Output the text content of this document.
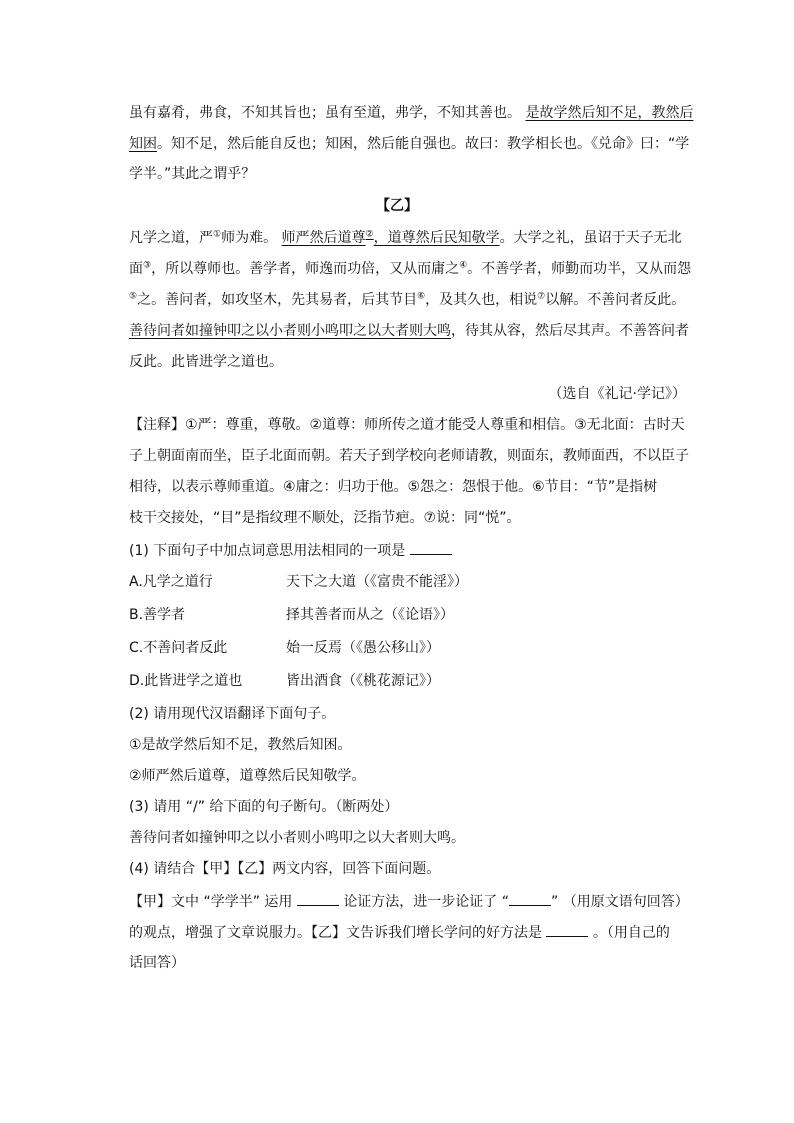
虽有嘉肴，弗食，不知其旨也；虽有至道，弗学，不知其善也。 是故学然后知不足，教然后
知困。知不足，然后能自反也；知困，然后能自强也。故曰：教学相长也。《兑命》曰：“学
学半。”其此之谓乎？
【乙】
凡学之道，严①师为难。 师严然后道尊②，道尊然后民知敬学。大学之礼，虽诏于天子无北
面③，所以尊师也。善学者，师逸而功倍，又从而庸之④。不善学者，师勤而功半，又从而怨
⑤之。善问者，如攻坚木，先其易者，后其节目⑥，及其久也，相说⑦以解。不善问者反此。
善待问者如撞钟叩之以小者则小鸣叩之以大者则大鸣，待其从容，然后尽其声。不善答问者
反此。此皆进学之道也。
（选自《礼记·学记》）
【注释】①严：尊重，尊敬。②道尊：师所传之道才能受人尊重和相信。③无北面：古时天
子上朝面南而坐，臣子北面而朝。若天子到学校向老师请教，则面东，教师面西，不以臣子
相待，以表示尊师重道。④庸之：归功于他。⑤怨之：怨恨于他。⑥节目：“节”是指树
枝干交接处，“目”是指纹理不顺处，泛指节疤。⑦说：同“悦”。
(1) 下面句子中加点词意思用法相同的一项是
A.凡学之道行	天下之大道（《富贵不能淫》）
B.善学者	择其善者而从之（《论语》）
C.不善问者反此	始一反焉（《愚公移山》）
D.此皆进学之道也	皆出酒食（《桃花源记》）
(2) 请用现代汉语翻译下面句子。
①是故学然后知不足，教然后知困。
②师严然后道尊，道尊然后民知敬学。
(3) 请用 “/” 给下面的句子断句。（断两处）
善待问者如撞钟叩之以小者则小鸣叩之以大者则大鸣。
(4) 请结合【甲】【乙】两文内容，回答下面问题。
【甲】文中 “学学半” 运用	论证方法，进一步论证了 “	” （用原文语句回答）
的观点，增强了文章说服力。【乙】文告诉我们增长学问的好方法是	。（用自己的
话回答）
